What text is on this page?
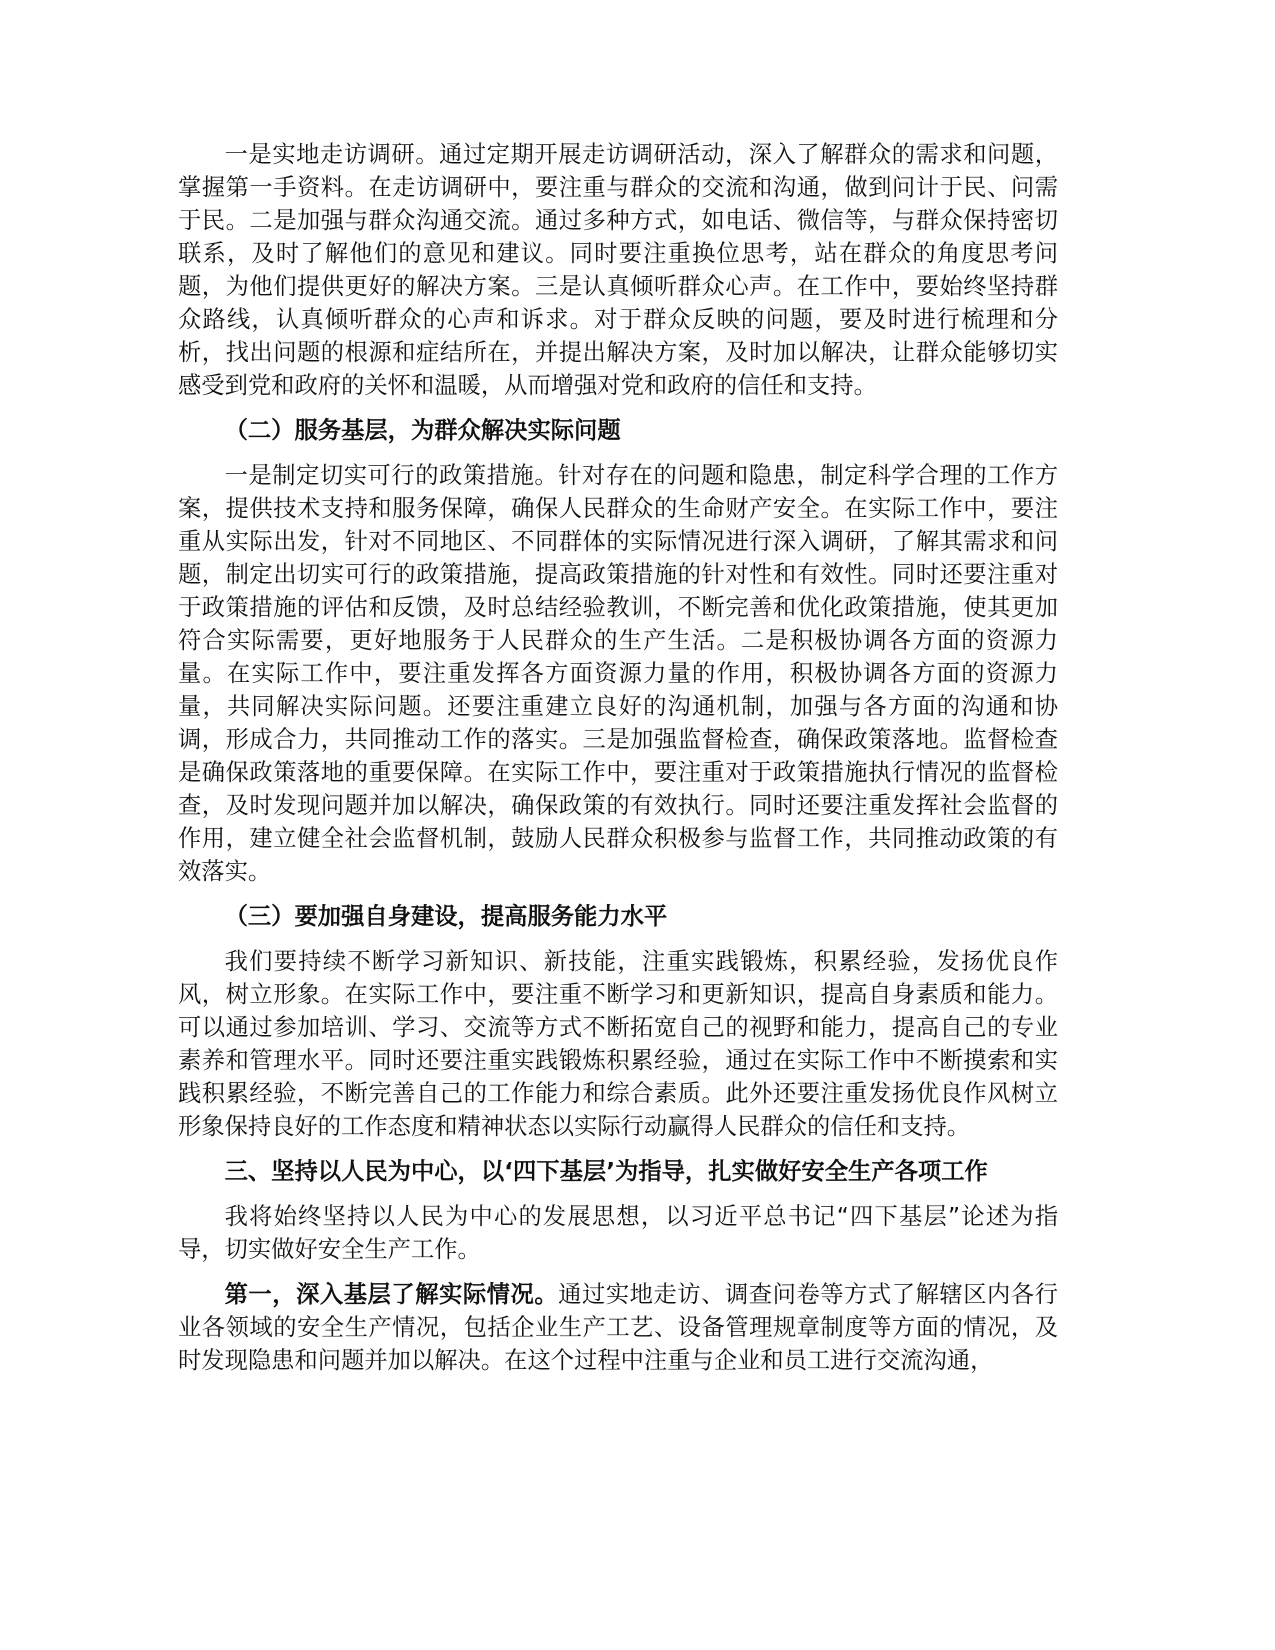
一是实地走访调研。通过定期开展走访调研活动，深入了解群众的需求和问题，掌握第一手资料。在走访调研中，要注重与群众的交流和沟通，做到问计于民、问需于民。二是加强与群众沟通交流。通过多种方式，如电话、微信等，与群众保持密切联系，及时了解他们的意见和建议。同时要注重换位思考，站在群众的角度思考问题，为他们提供更好的解决方案。三是认真倾听群众心声。在工作中，要始终坚持群众路线，认真倾听群众的心声和诉求。对于群众反映的问题，要及时进行梳理和分析，找出问题的根源和症结所在，并提出解决方案，及时加以解决，让群众能够切实感受到党和政府的关怀和温暖，从而增强对党和政府的信任和支持。

（二）服务基层，为群众解决实际问题

一是制定切实可行的政策措施。针对存在的问题和隐患，制定科学合理的工作方案，提供技术支持和服务保障，确保人民群众的生命财产安全。在实际工作中，要注重从实际出发，针对不同地区、不同群体的实际情况进行深入调研，了解其需求和问题，制定出切实可行的政策措施，提高政策措施的针对性和有效性。同时还要注重对于政策措施的评估和反馈，及时总结经验教训，不断完善和优化政策措施，使其更加符合实际需要，更好地服务于人民群众的生产生活。二是积极协调各方面的资源力量。在实际工作中，要注重发挥各方面资源力量的作用，积极协调各方面的资源力量，共同解决实际问题。还要注重建立良好的沟通机制，加强与各方面的沟通和协调，形成合力，共同推动工作的落实。三是加强监督检查，确保政策落地。监督检查是确保政策落地的重要保障。在实际工作中，要注重对于政策措施执行情况的监督检查，及时发现问题并加以解决，确保政策的有效执行。同时还要注重发挥社会监督的作用，建立健全社会监督机制，鼓励人民群众积极参与监督工作，共同推动政策的有效落实。

（三）要加强自身建设，提高服务能力水平

我们要持续不断学习新知识、新技能，注重实践锻炼，积累经验，发扬优良作风，树立形象。在实际工作中，要注重不断学习和更新知识，提高自身素质和能力。可以通过参加培训、学习、交流等方式不断拓宽自己的视野和能力，提高自己的专业素养和管理水平。同时还要注重实践锻炼积累经验，通过在实际工作中不断摸索和实践积累经验，不断完善自己的工作能力和综合素质。此外还要注重发扬优良作风树立形象保持良好的工作态度和精神状态以实际行动赢得人民群众的信任和支持。

三、坚持以人民为中心，以‘四下基层’为指导，扎实做好安全生产各项工作

我将始终坚持以人民为中心的发展思想，以习近平总书记“四下基层”论述为指导，切实做好安全生产工作。

第一，深入基层了解实际情况。通过实地走访、调查问卷等方式了解辖区内各行业各领域的安全生产情况，包括企业生产工艺、设备管理规章制度等方面的情况，及时发现隐患和问题并加以解决。在这个过程中注重与企业和员工进行交流沟通，
